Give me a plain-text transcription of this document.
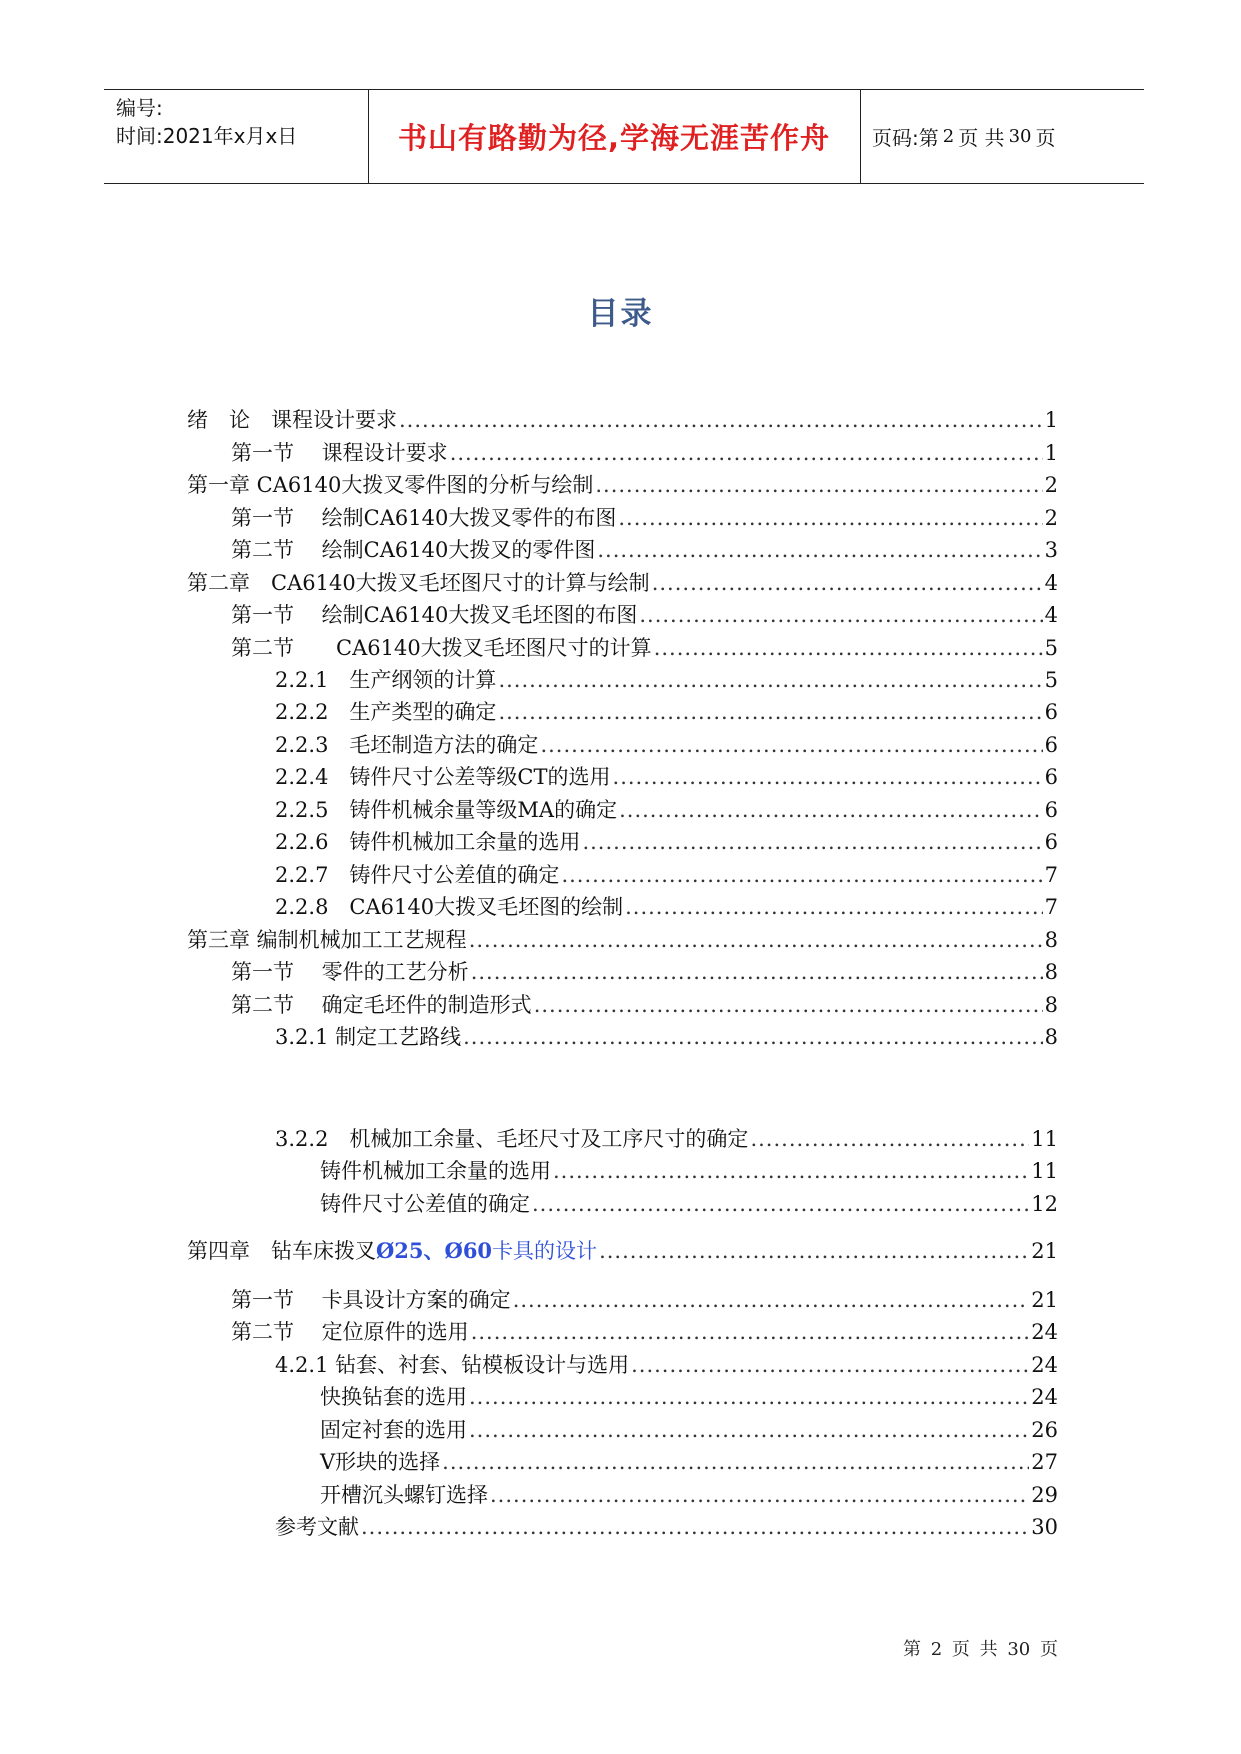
编号:
时间:2021年x月x日	书山有路勤为径,学海无涯苦作舟	页码:第 2 页 共 30 页
目录
绪　论　课程设计要求 .....	1
第一节　 课程设计要求 .....	1
第一章 CA6140大拨叉零件图的分析与绘制 .....	2
第一节　 绘制CA6140大拨叉零件的布图 .....	2
第二节　 绘制CA6140大拨叉的零件图 .....	3
第二章　CA6140大拨叉毛坯图尺寸的计算与绘制 .....	4
第一节　 绘制CA6140大拨叉毛坯图的布图 .....	4
第二节　　CA6140大拨叉毛坯图尺寸的计算 .....	5
2.2.1　生产纲领的计算 .....	5
2.2.2　生产类型的确定 .....	6
2.2.3　毛坯制造方法的确定 .....	6
2.2.4　铸件尺寸公差等级CT的选用 .....	6
2.2.5　铸件机械余量等级MA的确定 .....	6
2.2.6　铸件机械加工余量的选用 .....	6
2.2.7　铸件尺寸公差值的确定 .....	7
2.2.8　CA6140大拨叉毛坯图的绘制 .....	7
第三章 编制机械加工工艺规程 .....	8
第一节　 零件的工艺分析 .....	8
第二节　 确定毛坯件的制造形式 .....	8
3.2.1 制定工艺路线 .....	8
3.2.2　机械加工余量、毛坯尺寸及工序尺寸的确定 .....	11
铸件机械加工余量的选用 .....	11
铸件尺寸公差值的确定 .....	12
第四章　钻车床拨叉Ø25、Ø60卡具的设计 .....	21
第一节　 卡具设计方案的确定 .....	21
第二节　 定位原件的选用 .....	24
4.2.1 钻套、衬套、钻模板设计与选用 .....	24
快换钻套的选用 .....	24
固定衬套的选用 .....	26
V形块的选择 .....	27
开槽沉头螺钉选择 .....	29
参考文献 .....	30
第 2 页 共 30 页
